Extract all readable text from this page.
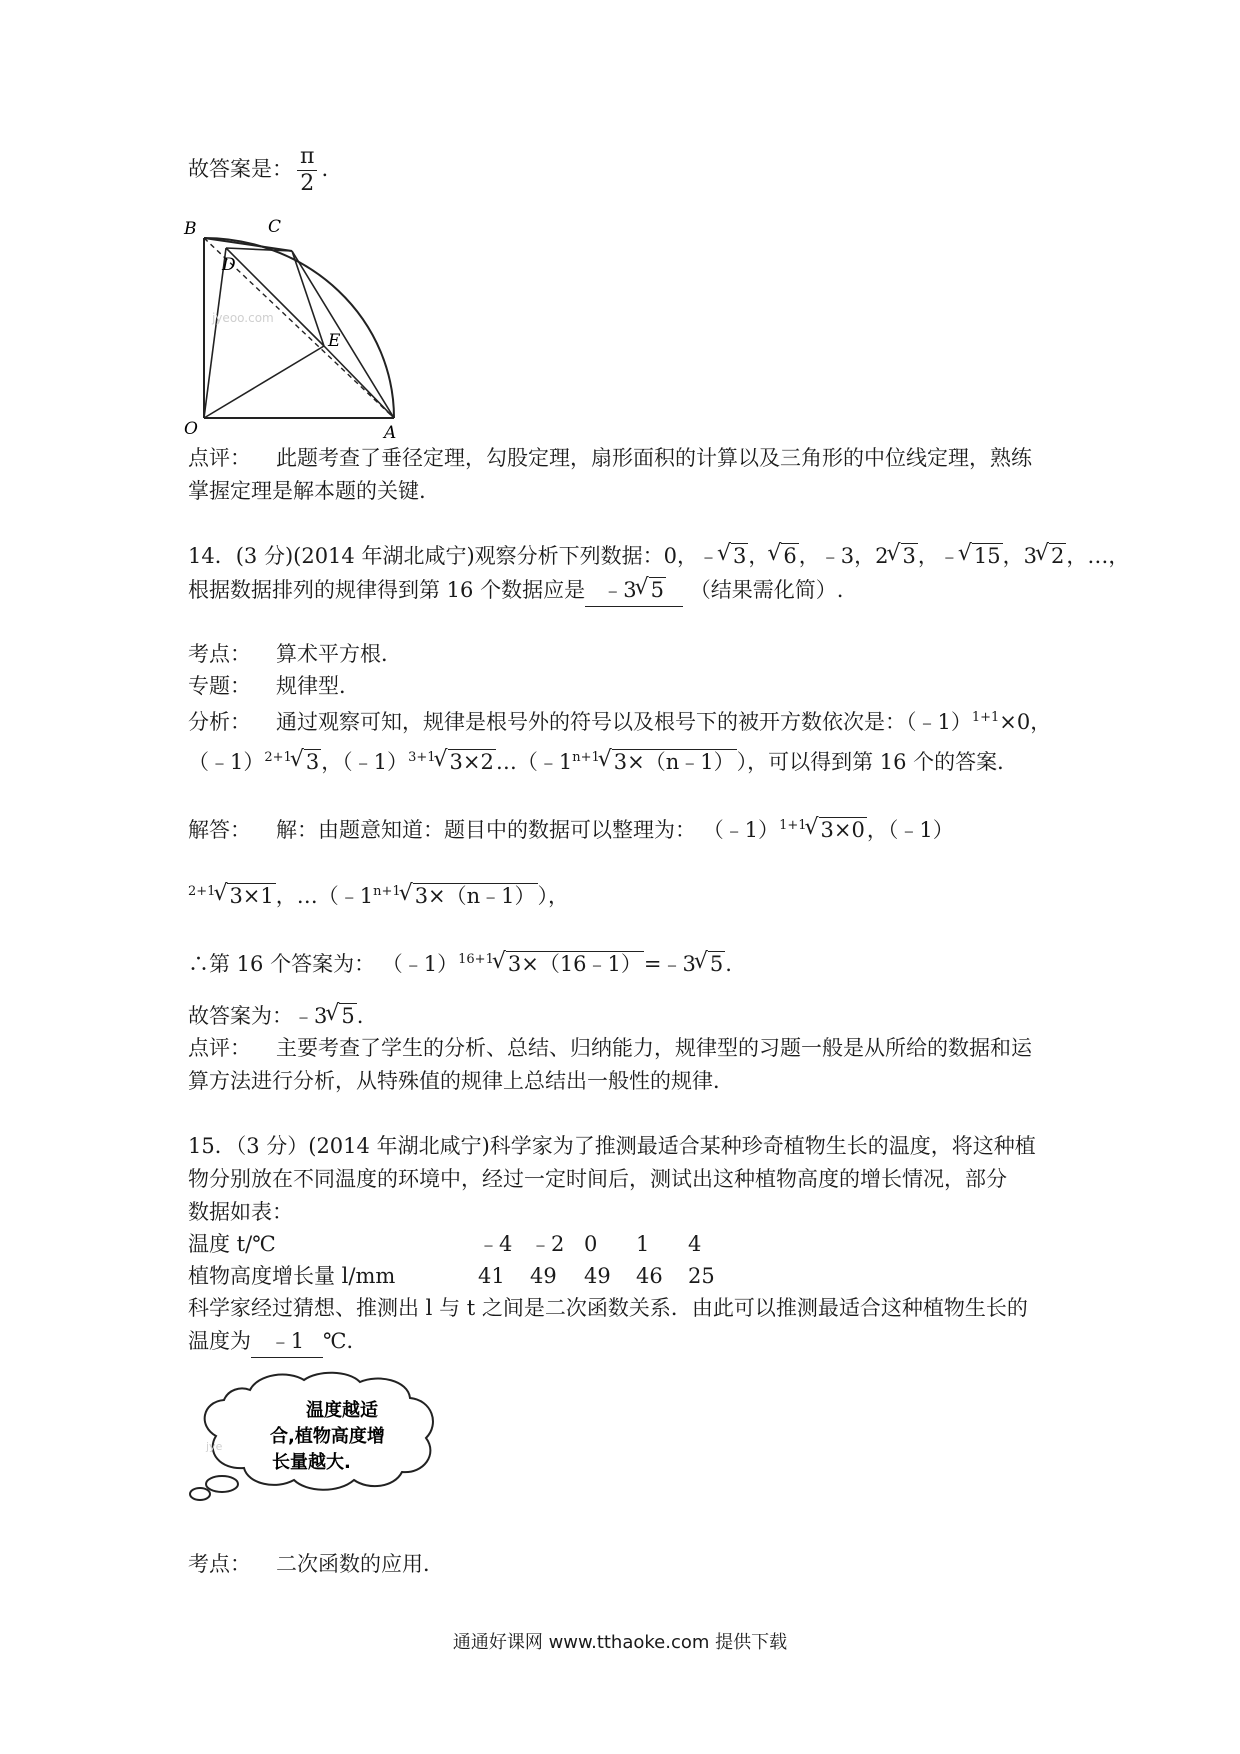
故答案是： $\frac{\pi}{2}$ .
B	C
D
E
O	A
jyeoo.com
点评： 此题考查了垂径定理，勾股定理，扇形面积的计算以及三角形的中位线定理，熟练
掌握定理是解本题的关键.
14．(3 分)(2014 年湖北咸宁)观察分析下列数据：0，﹣√ 3，√ 6，﹣3，2√ 3，﹣√ 15，3√ 2，…，
根据数据排列的规律得到第 16 个数据应是 ﹣3√ 5 （结果需化简）.
考点： 算术平方根．
专题： 规律型．
分析： 通过观察可知，规律是根号外的符号以及根号下的被开方数依次是：（﹣1）$^{1+1}$×0，
（﹣1）$^{2+1}$√ 3，（﹣1）$^{3+1}$√ $3\times 2\dots(﹣1^{n+1}√$ 3×（n﹣1）），可以得到第 16 个的答案．
解答： 解：由题意知道：题目中的数据可以整理为： （﹣1）$^{1+1}$√ 3×0，（﹣1）
$^{2+1}$√ 3×1，$\dots(﹣1^{n+1}√$ 3×（n﹣1）），
∴第 16 个答案为： （﹣1）$^{16+1}$√ 3×（16﹣1）=﹣3√ 5.
故答案为：﹣3√ 5.
点评： 主要考查了学生的分析、总结、归纳能力，规律型的习题一般是从所给的数据和运
算方法进行分析，从特殊值的规律上总结出一般性的规律．
15．（3 分）(2014 年湖北咸宁)科学家为了推测最适合某种珍奇植物生长的温度，将这种植
物分别放在不同温度的环境中，经过一定时间后，测试出这种植物高度的增长情况，部分
数据如表：
温度 t/℃
植物高度增长量 l/mm
﹣4 ﹣2 0 1 4
41 49 49 46 25
科学家经过猜想、推测出 l 与 t 之间是二次函数关系．由此可以推测最适合这种植物生长的
温度为 ﹣1 ℃．
jye
温度越适
合,植物高度增
长量越大.
考点： 二次函数的应用．
通通好课网 www.tthaoke.com 提供下载
